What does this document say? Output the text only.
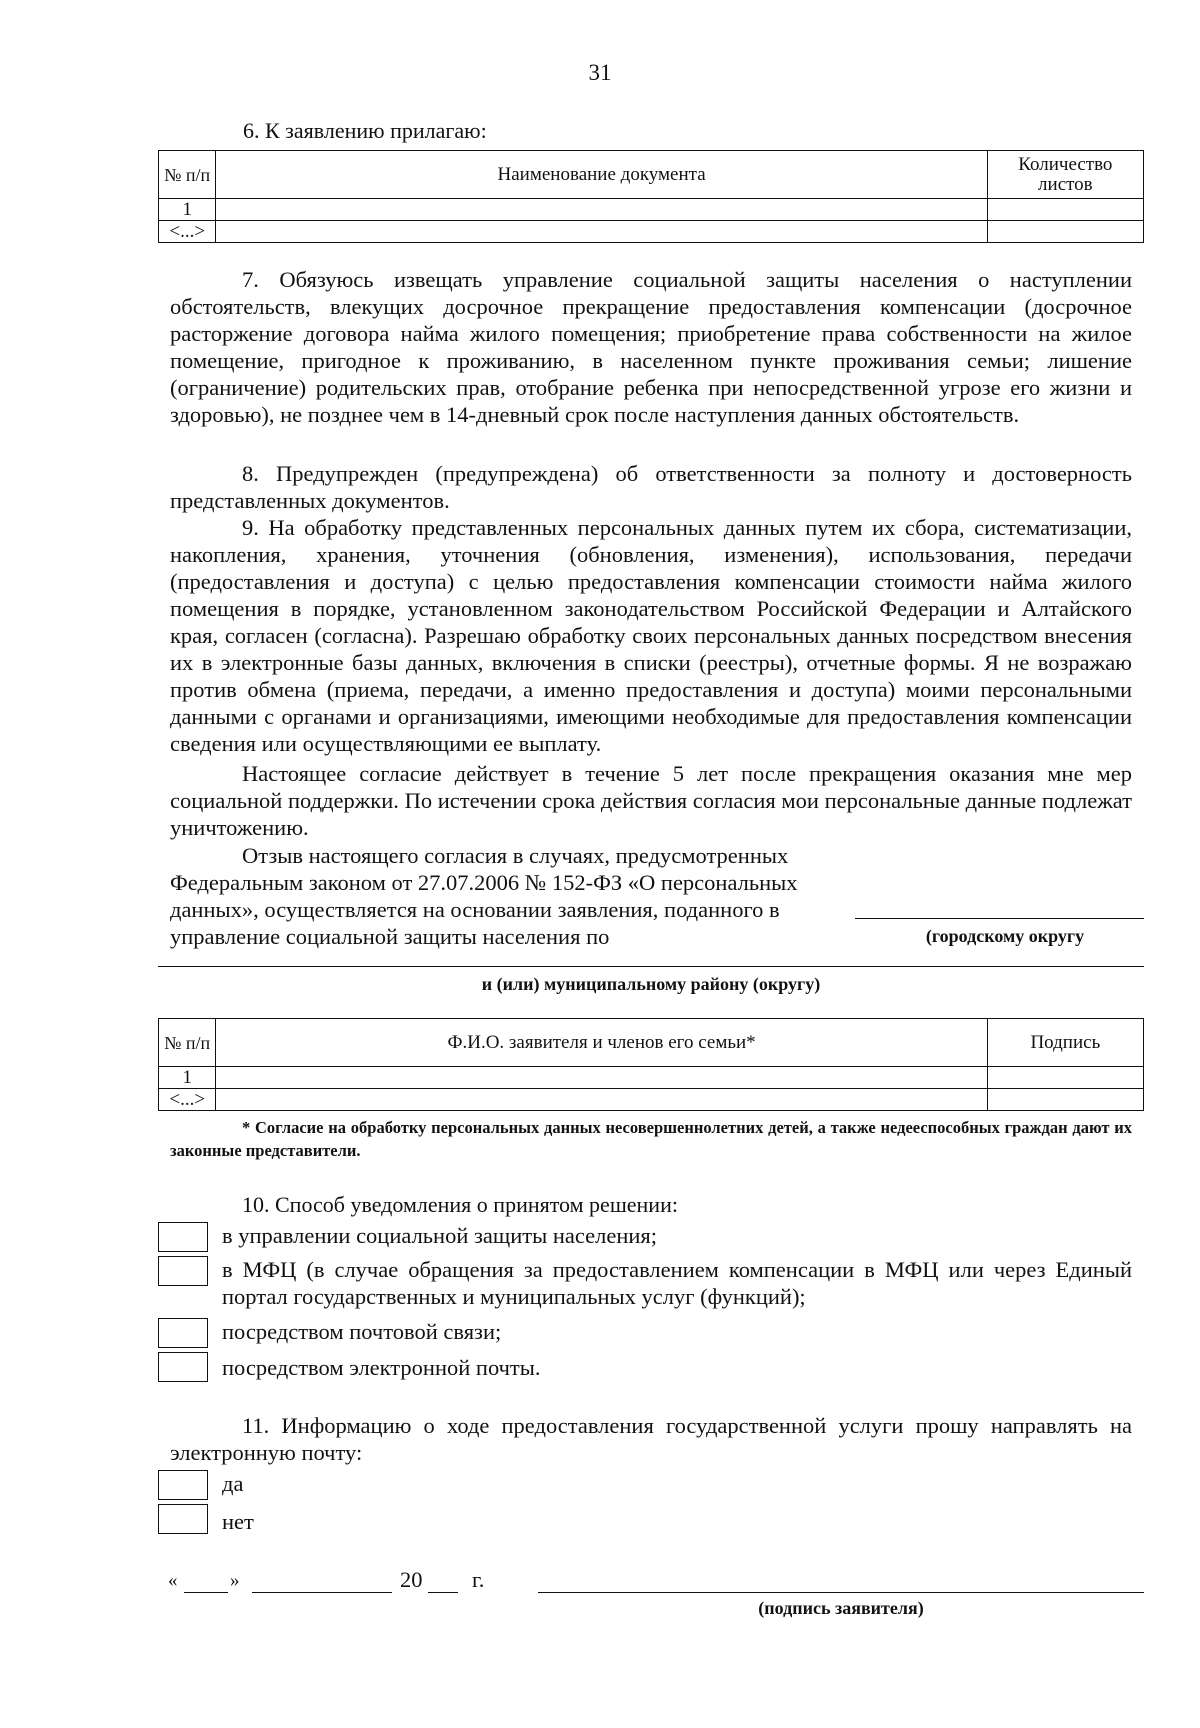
31
6. К заявлению прилагаю:
№ п/п	Наименование документа	Количество листов
1		
<...>		

7. Обязуюсь извещать управление социальной защиты населения о наступлении обстоятельств, влекущих досрочное прекращение предоставления компенсации (досрочное расторжение договора найма жилого помещения; приобретение права собственности на жилое помещение, пригодное к проживанию, в населенном пункте проживания семьи; лишение (ограничение) родительских прав, отобрание ребенка при непосредственной угрозе его жизни и здоровью), не позднее чем в 14-дневный срок после наступления данных обстоятельств.

8. Предупрежден (предупреждена) об ответственности за полноту и достоверность представленных документов.

9. На обработку представленных персональных данных путем их сбора, систематизации, накопления, хранения, уточнения (обновления, изменения), использования, передачи (предоставления и доступа) с целью предоставления компенсации стоимости найма жилого помещения в порядке, установленном законодательством Российской Федерации и Алтайского края, согласен (согласна). Разрешаю обработку своих персональных данных посредством внесения их в электронные базы данных, включения в списки (реестры), отчетные формы. Я не возражаю против обмена (приема, передачи, а именно предоставления и доступа) моими персональными данными с органами и организациями, имеющими необходимые для предоставления компенсации сведения или осуществляющими ее выплату.

Настоящее согласие действует в течение 5 лет после прекращения оказания мне мер социальной поддержки. По истечении срока действия согласия мои персональные данные подлежат уничтожению.

Отзыв настоящего согласия в случаях, предусмотренных Федеральным законом от 27.07.2006 № 152-ФЗ «О персональных данных», осуществляется на основании заявления, поданного в управление социальной защиты населения по	(городскому округу
и (или) муниципальному району (округу)
№ п/п	Ф.И.О. заявителя и членов его семьи*	Подпись
1		
<...>		
* Согласие на обработку персональных данных несовершеннолетних детей, а также недееспособных граждан дают их законные представители.
10. Способ уведомления о принятом решении:
в управлении социальной защиты населения;
в МФЦ (в случае обращения за предоставлением компенсации в МФЦ или через Единый портал государственных и муниципальных услуг (функций);
посредством почтовой связи;
посредством электронной почты.

11. Информацию о ходе предоставления государственной услуги прошу направлять на электронную почту:

да
нет
«	»	20 г.
(подпись заявителя)
